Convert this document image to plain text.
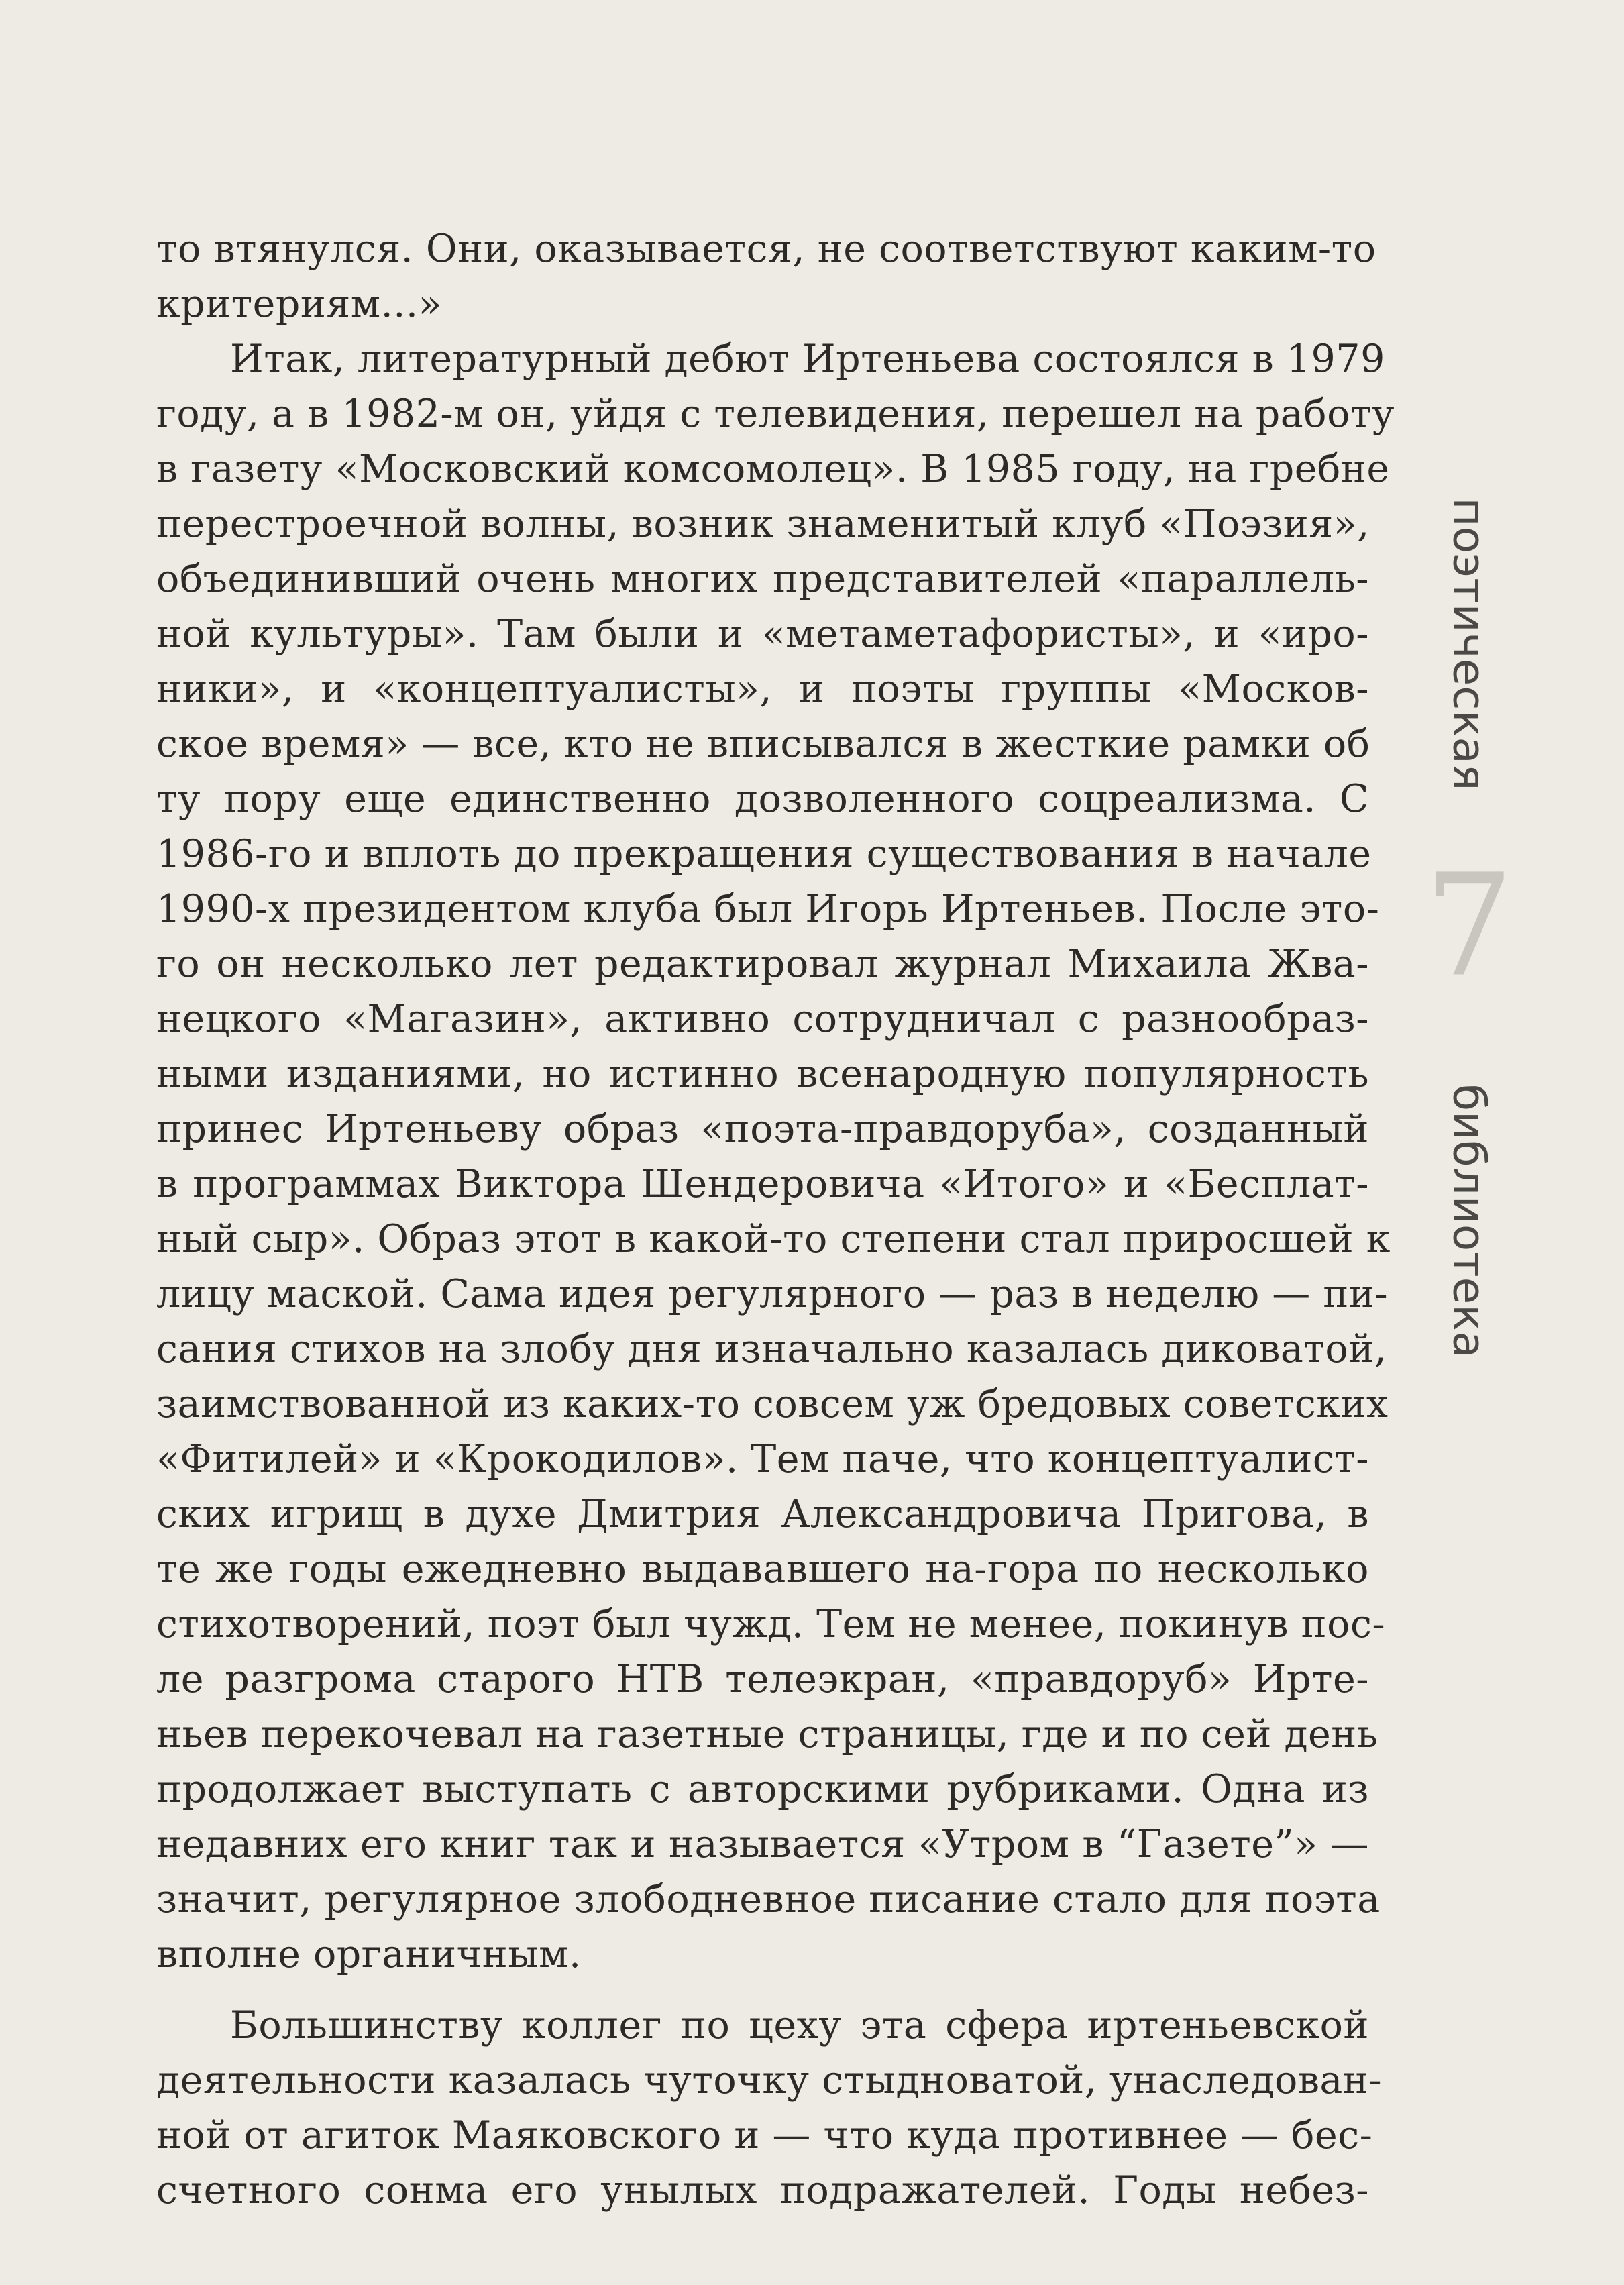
то втянулся. Они, оказывается, не соответствуют каким-то
критериям...»
Итак, литературный дебют Иртеньева состоялся в 1979
году, а в 1982-м он, уйдя с телевидения, перешел на работу
в газету «Московский комсомолец». В 1985 году, на гребне
перестроечной волны, возник знаменитый клуб «Поэзия»,
объединивший очень многих представителей «параллель-
ной культуры». Там были и «метаметафористы», и «иро-
ники», и «концептуалисты», и поэты группы «Москов-
ское время» — все, кто не вписывался в жесткие рамки об
ту пору еще единственно дозволенного соцреализма. С
1986-го и вплоть до прекращения существования в начале
1990-х президентом клуба был Игорь Иртеньев. После это-
го он несколько лет редактировал журнал Михаила Жва-
нецкого «Магазин», активно сотрудничал с разнообраз-
ными изданиями, но истинно всенародную популярность
принес Иртеньеву образ «поэта-правдоруба», созданный
в программах Виктора Шендеровича «Итого» и «Бесплат-
ный сыр». Образ этот в какой-то степени стал приросшей к
лицу маской. Сама идея регулярного — раз в неделю — пи-
сания стихов на злобу дня изначально казалась диковатой,
заимствованной из каких-то совсем уж бредовых советских
«Фитилей» и «Крокодилов». Тем паче, что концептуалист-
ских игрищ в духе Дмитрия Александровича Пригова, в
те же годы ежедневно выдававшего на-гора по несколько
стихотворений, поэт был чужд. Тем не менее, покинув пос-
ле разгрома старого НТВ телеэкран, «правдоруб» Ирте-
ньев перекочевал на газетные страницы, где и по сей день
продолжает выступать с авторскими рубриками. Одна из
недавних его книг так и называется «Утром в “Газете”» —
значит, регулярное злободневное писание стало для поэта
вполне органичным.
Большинству коллег по цеху эта сфера иртеньевской
деятельности казалась чуточку стыдноватой, унаследован-
ной от агиток Маяковского и — что куда противнее — бес-
счетного сонма его унылых подражателей. Годы небез-
поэтическая
7
библиотека
